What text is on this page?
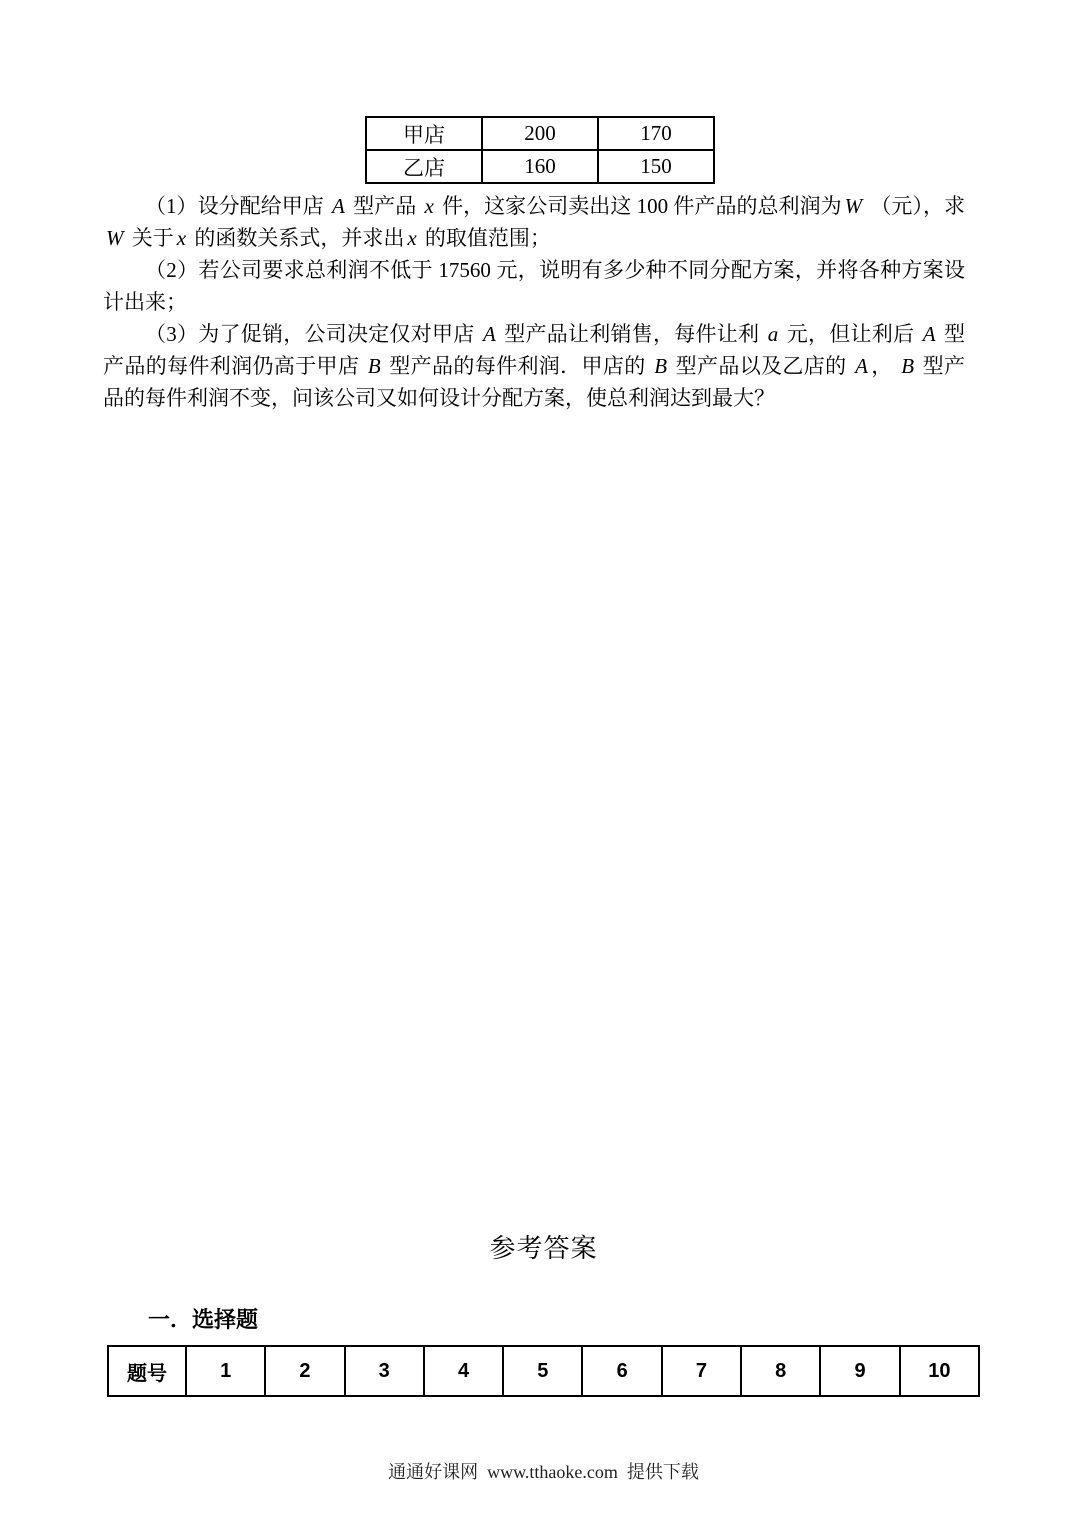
甲店	200	170
乙店	160	150

（1）设分配给甲店 A 型产品 x 件，这家公司卖出这 100 件产品的总利润为 W （元），求W 关于 x 的函数关系式，并求出 x 的取值范围；

（2）若公司要求总利润不低于 17560 元，说明有多少种不同分配方案，并将各种方案设计出来；

（3）为了促销，公司决定仅对甲店 A 型产品让利销售，每件让利 a 元，但让利后 A 型产品的每件利润仍高于甲店 B 型产品的每件利润．甲店的 B 型产品以及乙店的 A ， B 型产品的每件利润不变，问该公司又如何设计分配方案，使总利润达到最大？

参考答案
一．选择题
题号	1	2	3	4	5	6	7	8	9	10
通通好课网  www.tthaoke.com  提供下载
